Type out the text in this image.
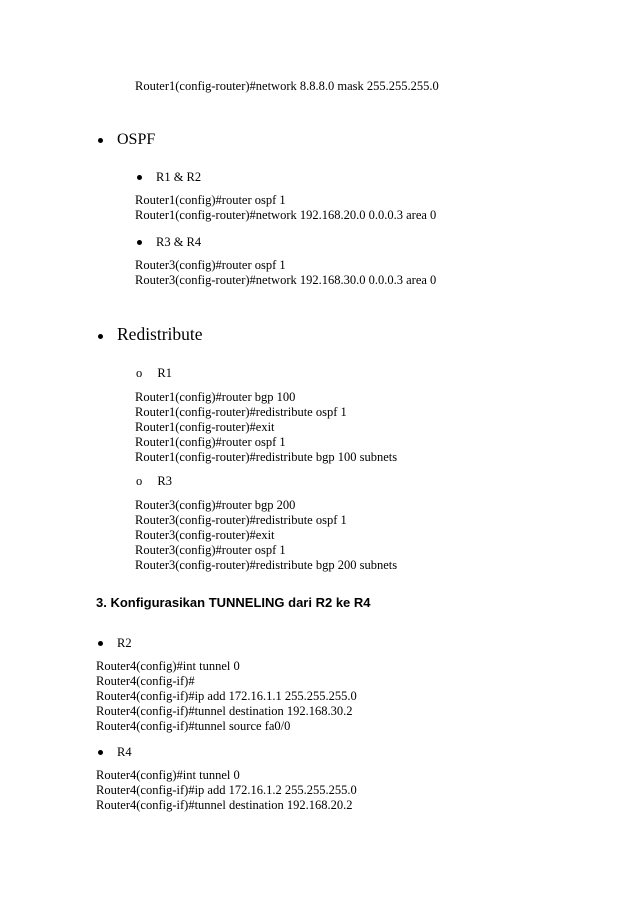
Router1(config-router)#network 8.8.8.0 mask 255.255.255.0
OSPF
R1 & R2
Router1(config)#router ospf 1
Router1(config-router)#network 192.168.20.0 0.0.0.3 area 0
R3 & R4
Router3(config)#router ospf 1
Router3(config-router)#network 192.168.30.0 0.0.0.3 area 0
Redistribute
o R1
Router1(config)#router bgp 100
Router1(config-router)#redistribute ospf 1
Router1(config-router)#exit
Router1(config)#router ospf 1
Router1(config-router)#redistribute bgp 100 subnets
o R3
Router3(config)#router bgp 200
Router3(config-router)#redistribute ospf 1
Router3(config-router)#exit
Router3(config)#router ospf 1
Router3(config-router)#redistribute bgp 200 subnets
3. Konfigurasikan TUNNELING dari R2 ke R4
R2
Router4(config)#int tunnel 0
Router4(config-if)#
Router4(config-if)#ip add 172.16.1.1 255.255.255.0
Router4(config-if)#tunnel destination 192.168.30.2
Router4(config-if)#tunnel source fa0/0
R4
Router4(config)#int tunnel 0
Router4(config-if)#ip add 172.16.1.2 255.255.255.0
Router4(config-if)#tunnel destination 192.168.20.2
